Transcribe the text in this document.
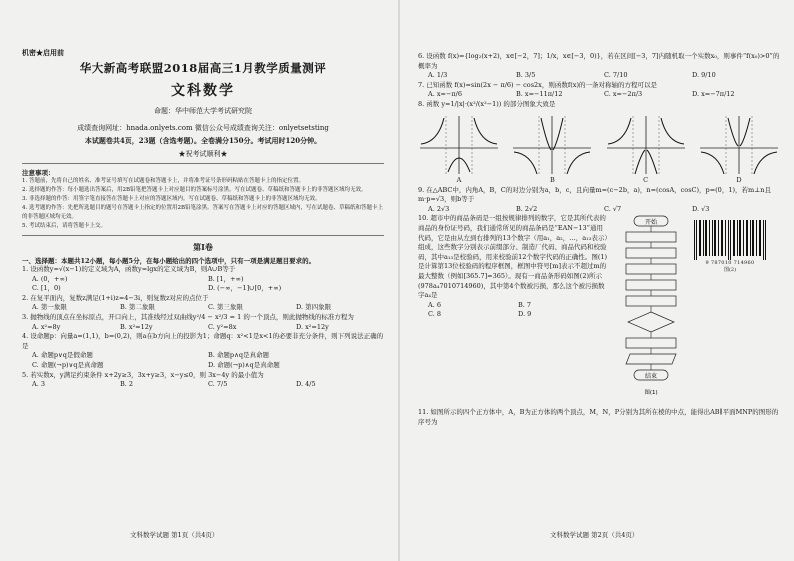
机密★启用前
华大新高考联盟2018届高三1月教学质量测评
文科数学
命题：华中师范大学考试研究院
成绩查询网址：hnada.onlyets.com 微信公众号成绩查询关注：onlyetsetsting
本试题卷共4页，23题（含选考题）。全卷满分150分。考试用时120分钟。
★祝考试顺利★
注意事项：
1. 答题前，先将自己的姓名、准考证号填写在试题卷和答题卡上，并将准考证号条形码粘贴在答题卡上的指定位置。
2. 选择题的作答：每小题选出答案后，用2B铅笔把答题卡上对应题目的答案标号涂黑。写在试题卷、草稿纸和答题卡上的非答题区域均无效。
3. 非选择题的作答：用签字笔直接答在答题卡上对应的答题区域内。写在试题卷、草稿纸和答题卡上的非答题区域均无效。
4. 选考题的作答：先把所选题目的题号在答题卡上指定的位置用2B铅笔涂黑。答案写在答题卡上对应的答题区域内，写在试题卷、草稿纸和答题卡上的非答题区域均无效。
5. 考试结束后，请将答题卡上交。
第Ⅰ卷
一、选择题：本题共12小题，每小题5分，在每小题给出的四个选项中，只有一项是满足题目要求的。
1. 设函数y=√(x−1)的定义域为A，函数y=lgx的定义域为B，则A∪B等于
A. (0，+∞)	B. [1，+∞)
C. [1，0)	D. (−∞，−1]∪[0，+∞)
2. 在复平面内，复数z满足(1+i)z=4−3i，则复数z对应的点位于
A. 第一象限	B. 第二象限	C. 第三象限	D. 第四象限
3. 抛物线的顶点在坐标原点，开口向上，其准线经过双曲线y²/4 − x²/3 = 1 的一个顶点，则此抛物线的标准方程为
A. x²=8y	B. x²=12y	C. y²=8x	D. x²=12y
4. 设命题p：向量a=(1,1)，b=(0,2)，则a在b方向上的投影为1；命题q：x²<1是x<1的必要非充分条件，则下列说法正确的是
A. 命题p∨q是假命题	B. 命题p∧q是真命题
C. 命题(¬p)∨q是真命题	D. 命题(¬p)∧q是真命题
5. 若实数x，y满足约束条件 x+2y≥3，3x+y≥3，x−y≤0，则 3x−4y 的最小值为
A. 3	B. 2	C. 7/5	D. 4/5
文科数学试题 第1页（共4页）
6. 设函数 f(x)={log₂(x+2)，x∈[−2，7]；1/x，x∈[−3，0)}，若在区间[−3，7]内随机取一个实数x₀，则事件“f(x₀)>0”的概率为
A. 1/3	B. 3/5	C. 7/10	D. 9/10
7. 已知函数 f(x)=sin(2x − π/6) − cos2x，则函数f(x)的一条对称轴的方程可以是
A. x=−π/6	B. x=−11π/12	C. x=−2π/3	D. x=−7π/12
8. 函数 y=1/|x|·(x²/(x²−1)) 的部分图象大致是
A	B	C	D
9. 在△ABC中，内角A，B，C的对边分别为a，b，c，且向量m=(c−2b，a)，n=(cosA，cosC)，p=(0，1)，若m⊥n且m·p=√3，则b等于
A. 2√3	B. 2√2	C. √7	D. √3
10. 超市中的商品条码是一组按规律排列的数字，它是其所代表的商品的身份证号码，我们通常所见的商品条码是“EAN−13”通用代码，它是由从左到右排列的13个数字（用a₁，a₂，…，a₁₃表示）组成，这些数字分别表示前缀部分、制造厂代码、商品代码和校验码，其中a₁₃是校验码，用来校验前12个数字代码的正确性。图(1)是计算第13位校验码的程序框图，框图中符号[m]表示不超过m的最大整数（例如[365.7]=365）。现有一商品条形码如图(2)所示(978a₄7010714960)，其中第4个数被污损，那么这个被污损数字a₄是
A. 6	B. 7
C. 8	D. 9
开始
结束
图(1)
9 787010 714960
图(2)
11. 如图所示的四个正方体中，A，B为正方体的两个顶点，M，N，P分别为其所在棱的中点，能得出AB∥平面MNP的图形的序号为
文科数学试题 第2页（共4页）
